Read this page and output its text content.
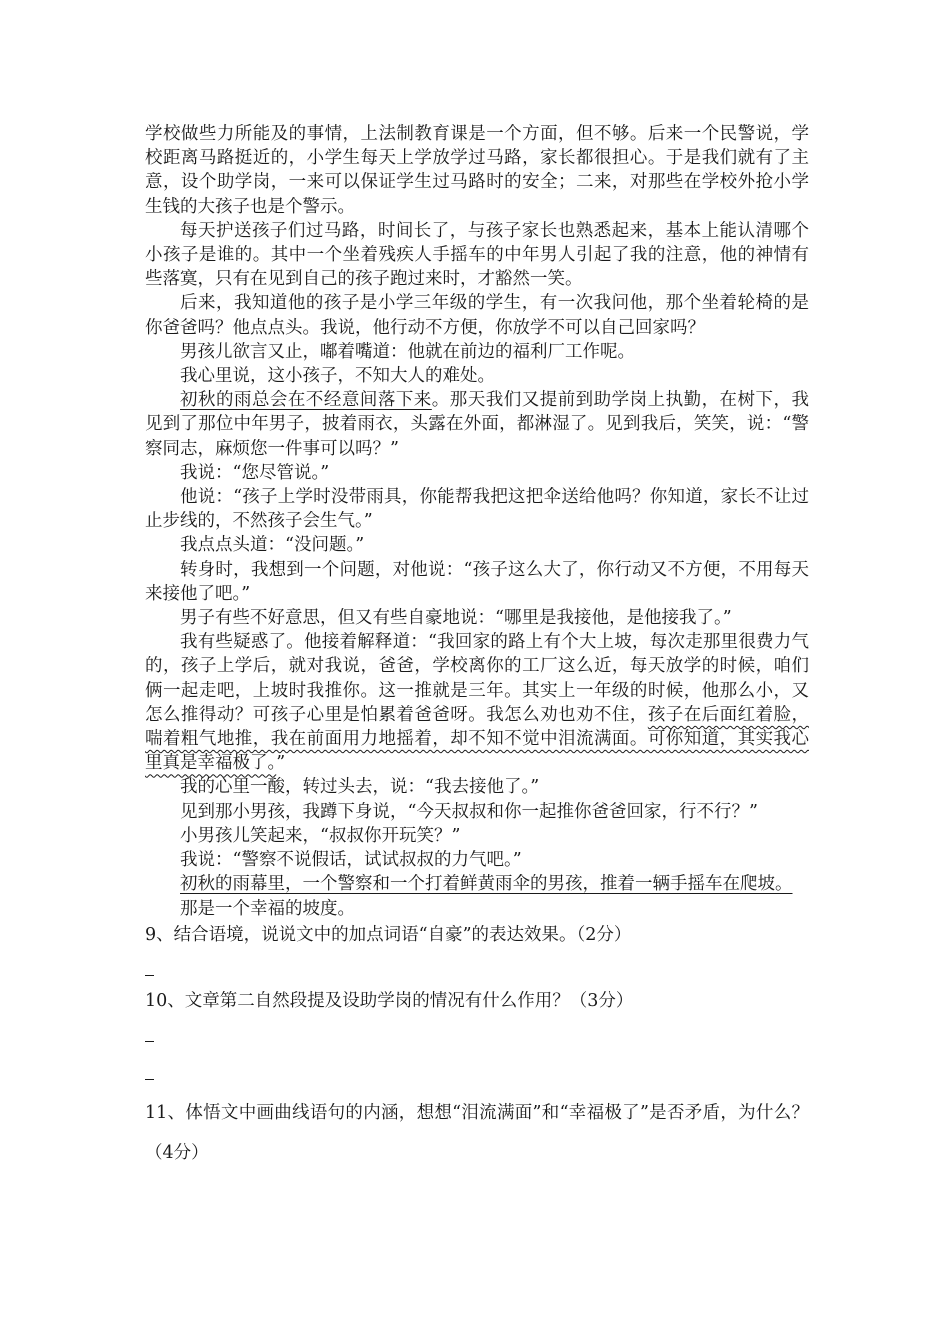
学校做些力所能及的事情，上法制教育课是一个方面，但不够。后来一个民警说，学校距离马路挺近的，小学生每天上学放学过马路，家长都很担心。于是我们就有了主意，设个助学岗，一来可以保证学生过马路时的安全；二来，对那些在学校外抢小学生钱的大孩子也是个警示。

每天护送孩子们过马路，时间长了，与孩子家长也熟悉起来，基本上能认清哪个小孩子是谁的。其中一个坐着残疾人手摇车的中年男人引起了我的注意，他的神情有些落寞，只有在见到自己的孩子跑过来时，才豁然一笑。

后来，我知道他的孩子是小学三年级的学生，有一次我问他，那个坐着轮椅的是你爸爸吗？他点点头。我说，他行动不方便，你放学不可以自己回家吗？

男孩儿欲言又止，嘟着嘴道：他就在前边的福利厂工作呢。

我心里说，这小孩子，不知大人的难处。

初秋的雨总会在不经意间落下来。那天我们又提前到助学岗上执勤，在树下，我见到了那位中年男子，披着雨衣，头露在外面，都淋湿了。见到我后，笑笑，说：“警察同志，麻烦您一件事可以吗？”

我说：“您尽管说。”

他说：“孩子上学时没带雨具，你能帮我把这把伞送给他吗？你知道，家长不让过止步线的，不然孩子会生气。”

我点点头道：“没问题。”

转身时，我想到一个问题，对他说：“孩子这么大了，你行动又不方便，不用每天来接他了吧。”

男子有些不好意思，但又有些自豪地说：“哪里是我接他，是他接我了。”

我有些疑惑了。他接着解释道：“我回家的路上有个大上坡，每次走那里很费力气的，孩子上学后，就对我说，爸爸，学校离你的工厂这么近，每天放学的时候，咱们俩一起走吧，上坡时我推你。这一推就是三年。其实上一年级的时候，他那么小，又怎么推得动？可孩子心里是怕累着爸爸呀。我怎么劝也劝不住，孩子在后面红着脸，喘着粗气地推，我在前面用力地摇着，却不知不觉中泪流满面。可你知道，其实我心里真是幸福极了。”

我的心里一酸，转过头去，说：“我去接他了。”

见到那小男孩，我蹲下身说，“今天叔叔和你一起推你爸爸回家，行不行？”

小男孩儿笑起来，“叔叔你开玩笑？”

我说：“警察不说假话，试试叔叔的力气吧。”

初秋的雨幕里，一个警察和一个打着鲜黄雨伞的男孩，推着一辆手摇车在爬坡。

那是一个幸福的坡度。

9、结合语境，说说文中的加点词语“自豪”的表达效果。（2分）

10、文章第二自然段提及设助学岗的情况有什么作用？（3分）

11、体悟文中画曲线语句的内涵，想想“泪流满面”和“幸福极了”是否矛盾，为什么？（4分）
